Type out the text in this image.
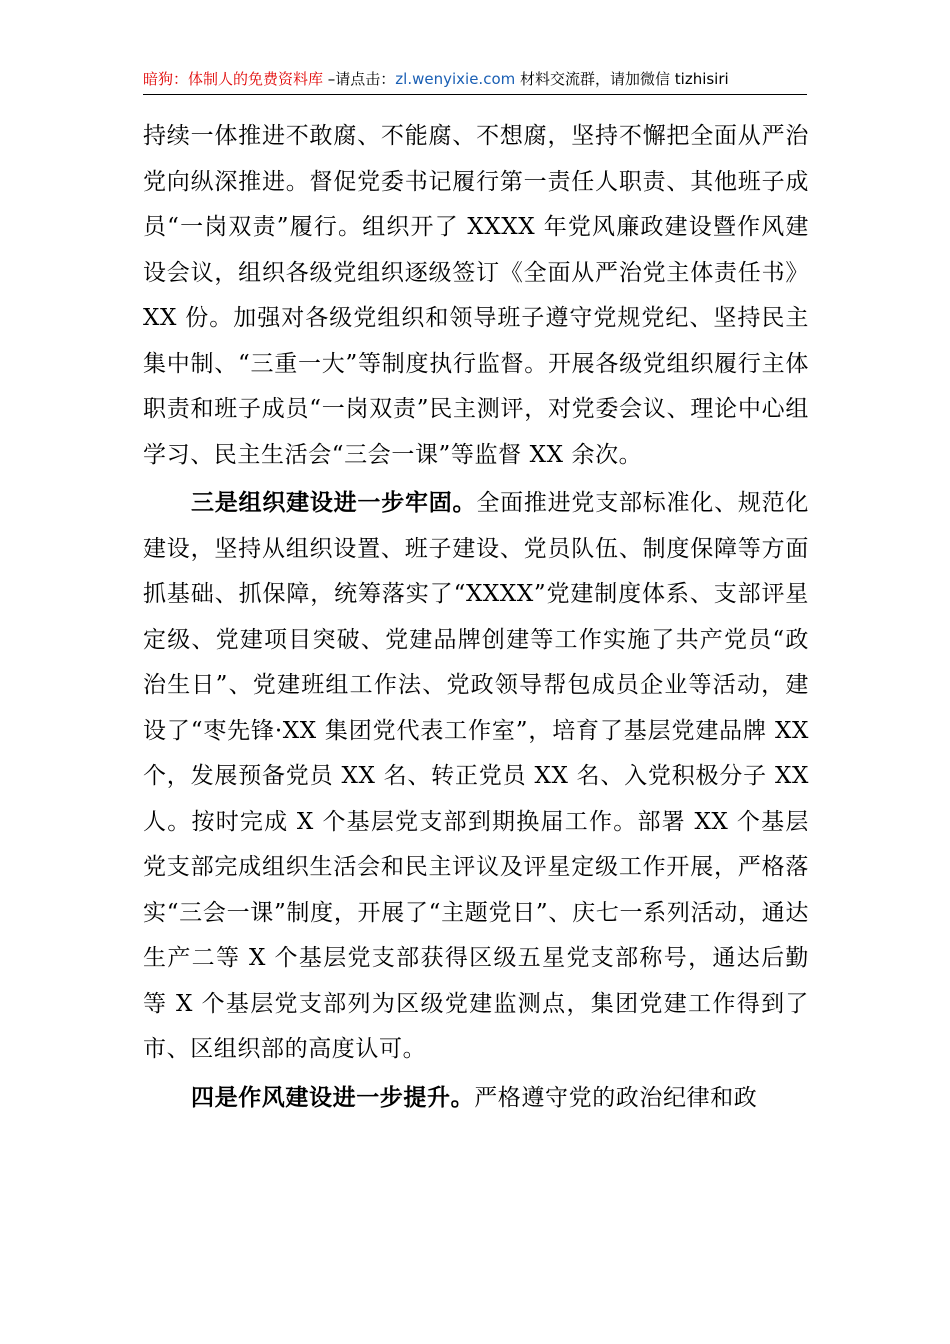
暗狗：体制人的免费资料库 –请点击：zl.wenyixie.com 材料交流群，请加微信 tizhisiri

持续一体推进不敢腐、不能腐、不想腐，坚持不懈把全面从严治党向纵深推进。督促党委书记履行第一责任人职责、其他班子成员“一岗双责”履行。组织开了 XXXX 年党风廉政建设暨作风建设会议，组织各级党组织逐级签订《全面从严治党主体责任书》XX 份。加强对各级党组织和领导班子遵守党规党纪、坚持民主集中制、“三重一大”等制度执行监督。开展各级党组织履行主体职责和班子成员“一岗双责”民主测评，对党委会议、理论中心组学习、民主生活会“三会一课”等监督 XX 余次。

三是组织建设进一步牢固。全面推进党支部标准化、规范化建设，坚持从组织设置、班子建设、党员队伍、制度保障等方面抓基础、抓保障，统筹落实了“XXXX”党建制度体系、支部评星定级、党建项目突破、党建品牌创建等工作实施了共产党员“政治生日”、党建班组工作法、党政领导帮包成员企业等活动，建设了“枣先锋·XX 集团党代表工作室”，培育了基层党建品牌 XX 个，发展预备党员 XX 名、转正党员 XX 名、入党积极分子 XX 人。按时完成 X 个基层党支部到期换届工作。部署 XX 个基层党支部完成组织生活会和民主评议及评星定级工作开展，严格落实“三会一课”制度，开展了“主题党日”、庆七一系列活动，通达生产二等 X 个基层党支部获得区级五星党支部称号，通达后勤等 X 个基层党支部列为区级党建监测点，集团党建工作得到了市、区组织部的高度认可。

四是作风建设进一步提升。严格遵守党的政治纪律和政
